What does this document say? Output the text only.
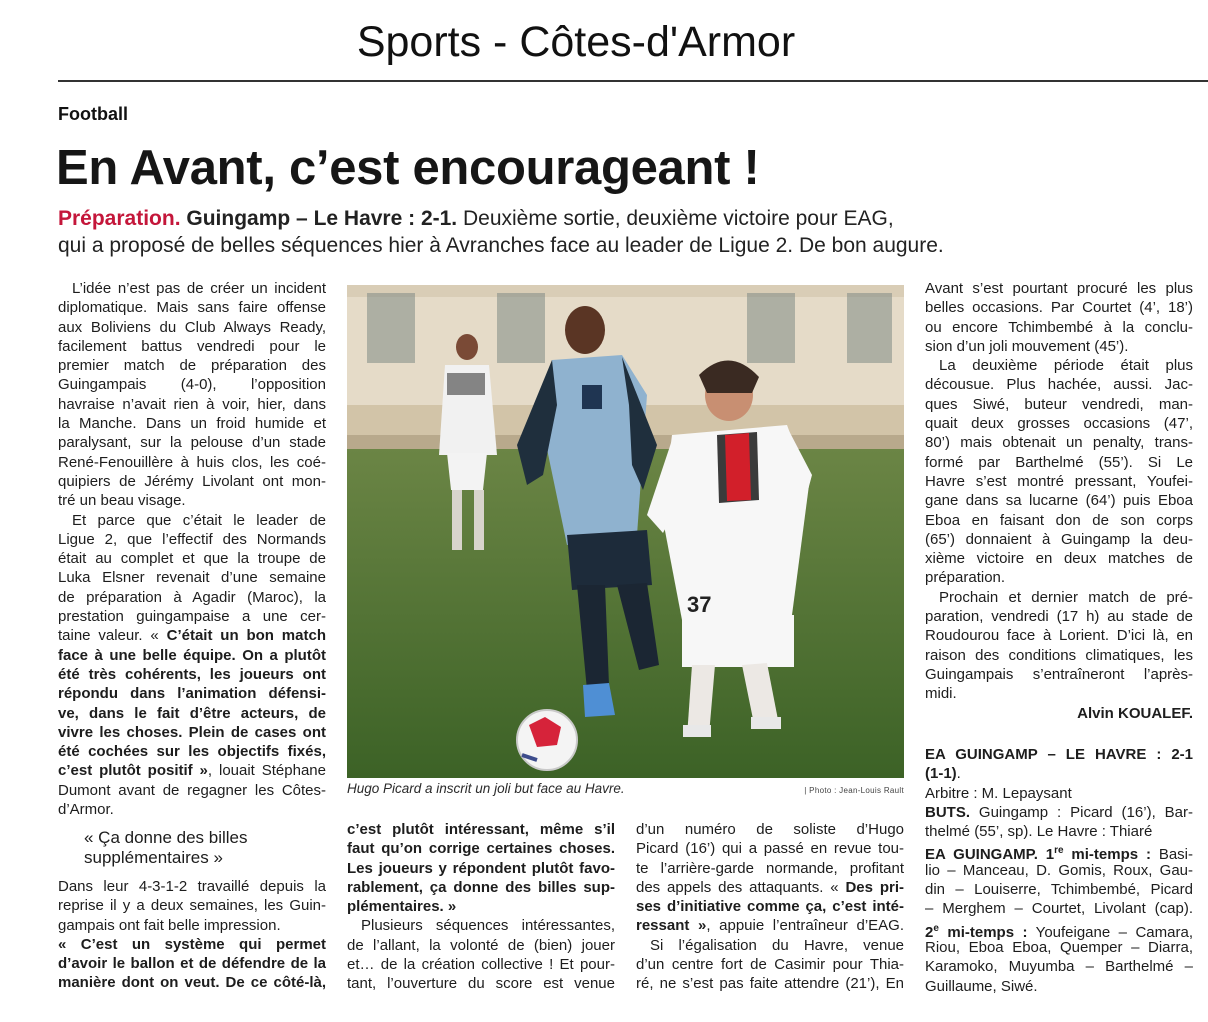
Sports - Côtes-d'Armor
Football
En Avant, c’est encourageant !
Préparation. Guingamp – Le Havre : 2-1. Deuxième sortie, deuxième victoire pour EAG,
qui a proposé de belles séquences hier à Avranches face au leader de Ligue 2. De bon augure.
L’idée n’est pas de créer un incident
diplomatique. Mais sans faire offense
aux Boliviens du Club Always Ready,
facilement battus vendredi pour le
premier match de préparation des
Guingampais (4-0), l’opposition
havraise n’avait rien à voir, hier, dans
la Manche. Dans un froid humide et
paralysant, sur la pelouse d’un stade
René-Fenouillère à huis clos, les coé-
quipiers de Jérémy Livolant ont mon-
tré un beau visage.
Et parce que c’était le leader de
Ligue 2, que l’effectif des Normands
était au complet et que la troupe de
Luka Elsner revenait d’une semaine
de préparation à Agadir (Maroc), la
prestation guingampaise a une cer-
taine valeur. « C’était un bon match
face à une belle équipe. On a plutôt
été très cohérents, les joueurs ont
répondu dans l’animation défensi-
ve, dans le fait d’être acteurs, de
vivre les choses. Plein de cases ont
été cochées sur les objectifs fixés,
c’est plutôt positif », louait Stéphane
Dumont avant de regagner les Côtes-
d’Armor.
« Ça donne des billes
supplémentaires »
Dans leur 4-3-1-2 travaillé depuis la
reprise il y a deux semaines, les Guin-
gampais ont fait belle impression.
« C’est un système qui permet
d’avoir le ballon et de défendre de la
manière dont on veut. De ce côté-là,
37
Hugo Picard a inscrit un joli but face au Havre.	| Photo : Jean-Louis Rault
c’est plutôt intéressant, même s’il
faut qu’on corrige certaines choses.
Les joueurs y répondent plutôt favo-
rablement, ça donne des billes sup-
plémentaires. »
Plusieurs séquences intéressantes,
de l’allant, la volonté de (bien) jouer
et… de la création collective ! Et pour-
tant, l’ouverture du score est venue
d’un numéro de soliste d’Hugo
Picard (16’) qui a passé en revue tou-
te l’arrière-garde normande, profitant
des appels des attaquants. « Des pri-
ses d’initiative comme ça, c’est inté-
ressant », appuie l’entraîneur d’EAG.
Si l’égalisation du Havre, venue
d’un centre fort de Casimir pour Thia-
ré, ne s’est pas faite attendre (21’), En
Avant s’est pourtant procuré les plus
belles occasions. Par Courtet (4’, 18’)
ou encore Tchimbembé à la conclu-
sion d’un joli mouvement (45’).
La deuxième période était plus
décousue. Plus hachée, aussi. Jac-
ques Siwé, buteur vendredi, man-
quait deux grosses occasions (47’,
80’) mais obtenait un penalty, trans-
formé par Barthelmé (55’). Si Le
Havre s’est montré pressant, Youfei-
gane dans sa lucarne (64’) puis Eboa
Eboa en faisant don de son corps
(65’) donnaient à Guingamp la deu-
xième victoire en deux matches de
préparation.
Prochain et dernier match de pré-
paration, vendredi (17 h) au stade de
Roudourou face à Lorient. D’ici là, en
raison des conditions climatiques, les
Guingampais s’entraîneront l’après-
midi.
Alvin KOUALEF.
EA GUINGAMP – LE HAVRE : 2-1
(1-1).
Arbitre : M. Lepaysant
BUTS. Guingamp : Picard (16’), Bar-
thelmé (55’, sp). Le Havre : Thiaré
EA GUINGAMP. 1re mi-temps : Basi-
lio – Manceau, D. Gomis, Roux, Gau-
din – Louiserre, Tchimbembé, Picard
– Merghem – Courtet, Livolant (cap).
2e mi-temps : Youfeigane – Camara,
Riou, Eboa Eboa, Quemper – Diarra,
Karamoko, Muyumba – Barthelmé –
Guillaume, Siwé.
